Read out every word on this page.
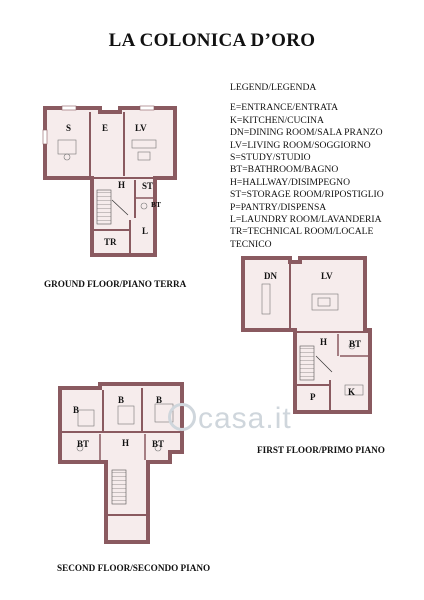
LA COLONICA D’ORO
LEGEND/LEGENDA
E=ENTRANCE/ENTRATA
K=KITCHEN/CUCINA
DN=DINING ROOM/SALA PRANZO
LV=LIVING ROOM/SOGGIORNO
S=STUDY/STUDIO
BT=BATHROOM/BAGNO
H=HALLWAY/DISIMPEGNO
ST=STORAGE ROOM/RIPOSTIGLIO
P=PANTRY/DISPENSA
L=LAUNDRY ROOM/LAVANDERIA
TR=TECHNICAL ROOM/LOCALE
TECNICO
S	E	LV
H ST
BT
TR
L
DN	LV
H BT
P	K
B
B	B
BT	H	BT
casa.it
GROUND FLOOR/PIANO TERRA
FIRST FLOOR/PRIMO PIANO
SECOND FLOOR/SECONDO PIANO
